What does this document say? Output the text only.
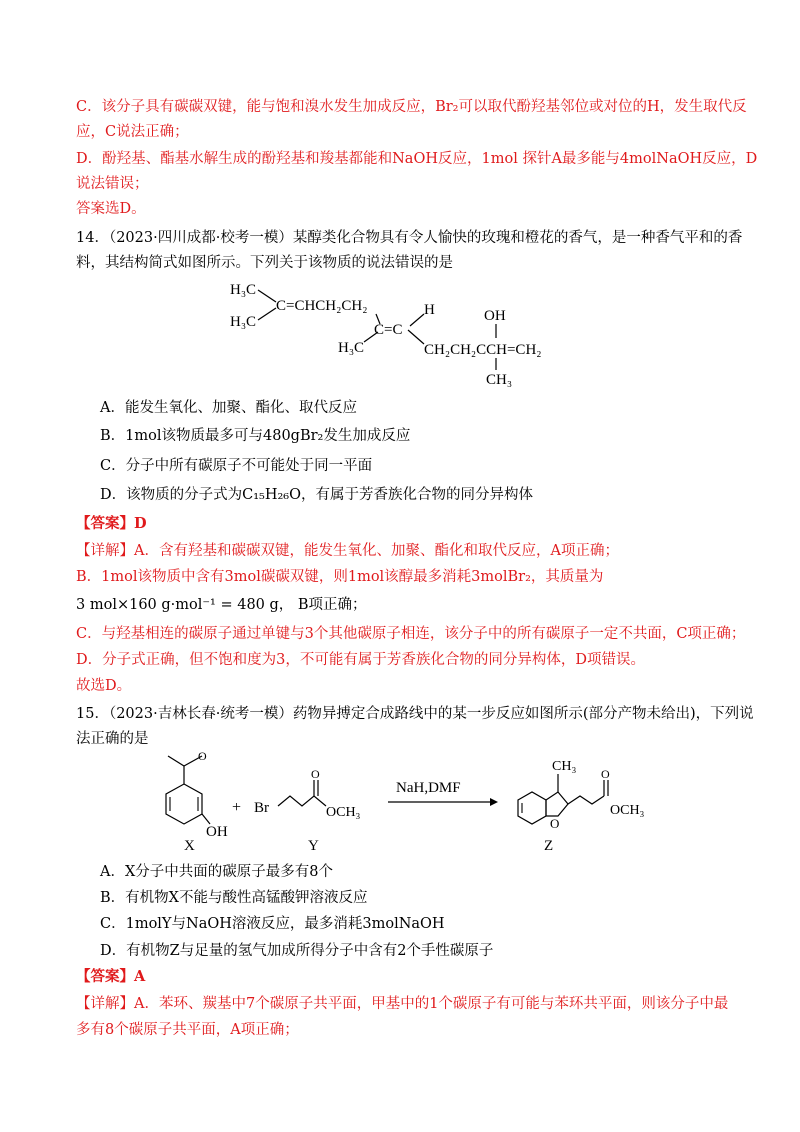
C．该分子具有碳碳双键，能与饱和溴水发生加成反应，Br₂可以取代酚羟基邻位或对位的H，发生取代反
应，C说法正确；
D．酚羟基、酯基水解生成的酚羟基和羧基都能和NaOH反应，1mol 探针A最多能与4molNaOH反应，D
说法错误；
答案选D。
14．（2023·四川成都·校考一模）某醇类化合物具有令人愉快的玫瑰和橙花的香气，是一种香气平和的香
料，其结构简式如图所示。下列关于该物质的说法错误的是
H₃C
H₃C
C=CHCH₂CH₂
H₃C
C=C
H	OH
CH₂CH₂CCH=CH₂
CH₃
A．能发生氧化、加聚、酯化、取代反应
B．1mol该物质最多可与480gBr₂发生加成反应
C．分子中所有碳原子不可能处于同一平面
D．该物质的分子式为C₁₅H₂₆O，有属于芳香族化合物的同分异构体
【答案】D
【详解】A．含有羟基和碳碳双键，能发生氧化、加聚、酯化和取代反应，A项正确；
B．1mol该物质中含有3mol碳碳双键，则1mol该醇最多消耗3molBr₂，其质量为
3 mol×160 g·mol⁻¹ = 480 g， B项正确；
C．与羟基相连的碳原子通过单键与3个其他碳原子相连，该分子中的所有碳原子一定不共面，C项正确；
D．分子式正确，但不饱和度为3，不可能有属于芳香族化合物的同分异构体，D项错误。
故选D。
15．（2023·吉林长春·统考一模）药物异搏定合成路线中的某一步反应如图所示(部分产物未给出)，下列说
法正确的是
O
OH
+ Br
O
OCH₃
NaH,DMF
O
CH₃ O
OCH₃
X	Y	Z
A．X分子中共面的碳原子最多有8个
B．有机物X不能与酸性高锰酸钾溶液反应
C．1molY与NaOH溶液反应，最多消耗3molNaOH
D．有机物Z与足量的氢气加成所得分子中含有2个手性碳原子
【答案】A
【详解】A．苯环、羰基中7个碳原子共平面，甲基中的1个碳原子有可能与苯环共平面，则该分子中最
多有8个碳原子共平面，A项正确；
